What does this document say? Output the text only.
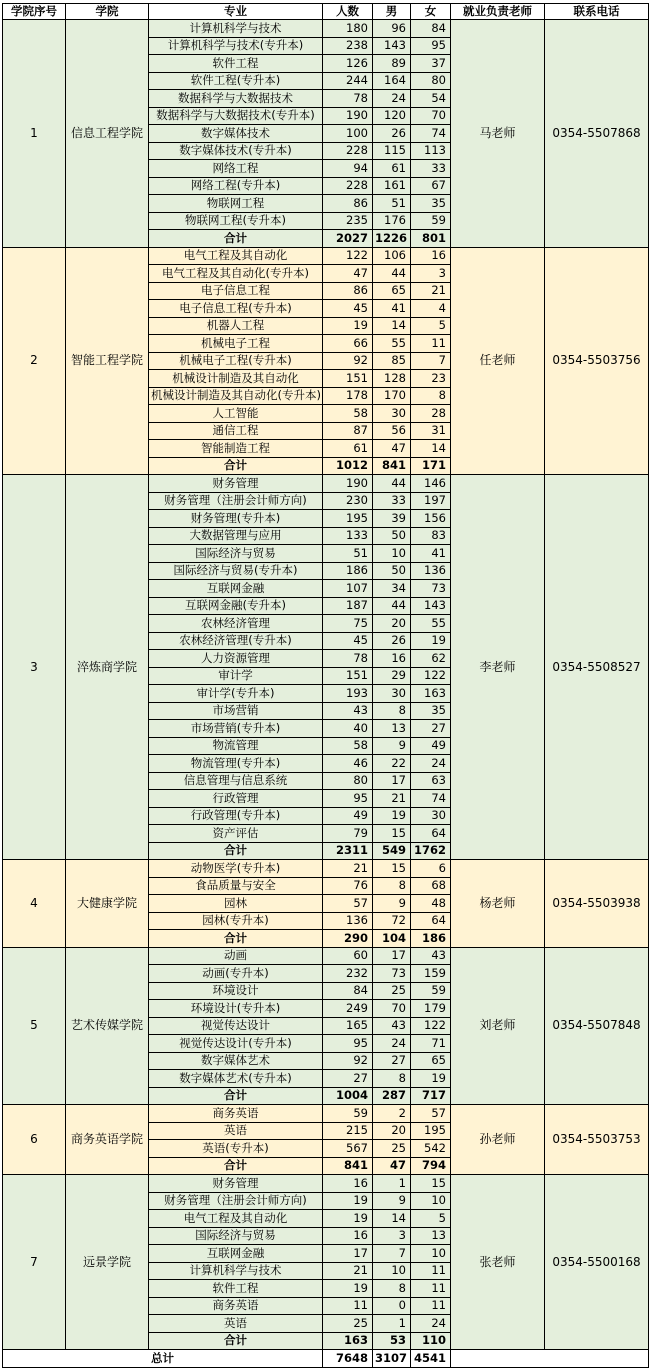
学院序号	学院	专业	人数	男	女	就业负责老师	联系电话
1	信息工程学院	计算机科学与技术	180	96	84	马老师	0354-5507868
		计算机科学与技术(专升本)	238	143	95		
		软件工程	126	89	37		
		软件工程(专升本)	244	164	80		
		数据科学与大数据技术	78	24	54		
		数据科学与大数据技术(专升本)	190	120	70		
		数字媒体技术	100	26	74		
		数字媒体技术(专升本)	228	115	113		
		网络工程	94	61	33		
		网络工程(专升本)	228	161	67		
		物联网工程	86	51	35		
		物联网工程(专升本)	235	176	59		
		合计	2027	1226	801		
2	智能工程学院	电气工程及其自动化	122	106	16	任老师	0354-5503756
		电气工程及其自动化(专升本)	47	44	3		
		电子信息工程	86	65	21		
		电子信息工程(专升本)	45	41	4		
		机器人工程	19	14	5		
		机械电子工程	66	55	11		
		机械电子工程(专升本)	92	85	7		
		机械设计制造及其自动化	151	128	23		
		机械设计制造及其自动化(专升本)	178	170	8		
		人工智能	58	30	28		
		通信工程	87	56	31		
		智能制造工程	61	47	14		
		合计	1012	841	171		
3	淬炼商学院	财务管理	190	44	146	李老师	0354-5508527
		财务管理（注册会计师方向)	230	33	197		
		财务管理(专升本)	195	39	156		
		大数据管理与应用	133	50	83		
		国际经济与贸易	51	10	41		
		国际经济与贸易(专升本)	186	50	136		
		互联网金融	107	34	73		
		互联网金融(专升本)	187	44	143		
		农林经济管理	75	20	55		
		农林经济管理(专升本)	45	26	19		
		人力资源管理	78	16	62		
		审计学	151	29	122		
		审计学(专升本)	193	30	163		
		市场营销	43	8	35		
		市场营销(专升本)	40	13	27		
		物流管理	58	9	49		
		物流管理(专升本)	46	22	24		
		信息管理与信息系统	80	17	63		
		行政管理	95	21	74		
		行政管理(专升本)	49	19	30		
		资产评估	79	15	64		
		合计	2311	549	1762		
4	大健康学院	动物医学(专升本)	21	15	6	杨老师	0354-5503938
		食品质量与安全	76	8	68		
		园林	57	9	48		
		园林(专升本)	136	72	64		
		合计	290	104	186		
5	艺术传媒学院	动画	60	17	43	刘老师	0354-5507848
		动画(专升本)	232	73	159		
		环境设计	84	25	59		
		环境设计(专升本)	249	70	179		
		视觉传达设计	165	43	122		
		视觉传达设计(专升本)	95	24	71		
		数字媒体艺术	92	27	65		
		数字媒体艺术(专升本)	27	8	19		
		合计	1004	287	717		
6	商务英语学院	商务英语	59	2	57	孙老师	0354-5503753
		英语	215	20	195		
		英语(专升本)	567	25	542		
		合计	841	47	794		
7	远景学院	财务管理	16	1	15	张老师	0354-5500168
		财务管理（注册会计师方向)	19	9	10		
		电气工程及其自动化	19	14	5		
		国际经济与贸易	16	3	13		
		互联网金融	17	7	10		
		计算机科学与技术	21	10	11		
		软件工程	19	8	11		
		商务英语	11	0	11		
		英语	25	1	24		
		合计	163	53	110		
总计			7648	3107	4541		
